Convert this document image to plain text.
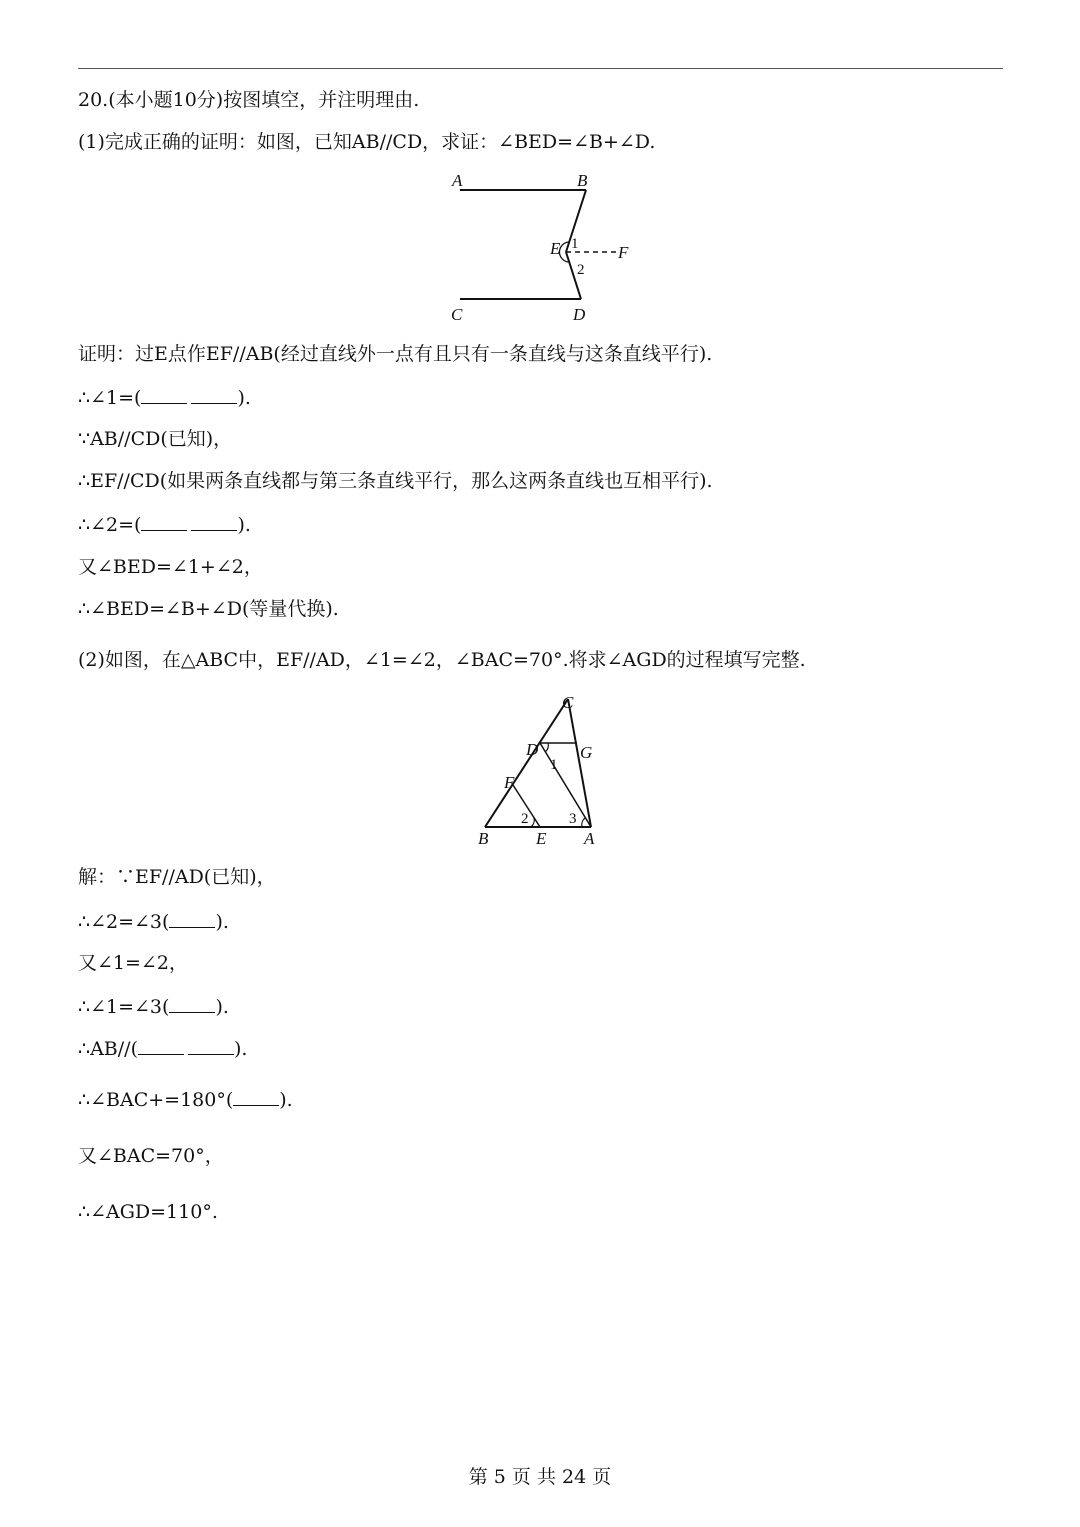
20.(本小题10分)按图填空，并注明理由.
(1)完成正确的证明：如图，已知AB//CD，求证：∠BED=∠B+∠D.
A	B
C	D
E	F
1
2
证明：过E点作EF//AB(经过直线外一点有且只有一条直线与这条直线平行).
∴∠1=(	).
∵AB//CD(已知)，
∴EF//CD(如果两条直线都与第三条直线平行，那么这两条直线也互相平行).
∴∠2=(	).
又∠BED=∠1+∠2，
∴∠BED=∠B+∠D(等量代换).
(2)如图，在△ABC中，EF//AD，∠1=∠2，∠BAC=70°.将求∠AGD的过程填写完整.
C
D G
F
B	E A
1
2	3
解：∵EF//AD(已知)，
∴∠2=∠3( ).
又∠1=∠2，
∴∠1=∠3( ).
∴AB//(	).
∴∠BAC+=180°( ).
又∠BAC=70°，
∴∠AGD=110°.
第 5 页 共 24 页
